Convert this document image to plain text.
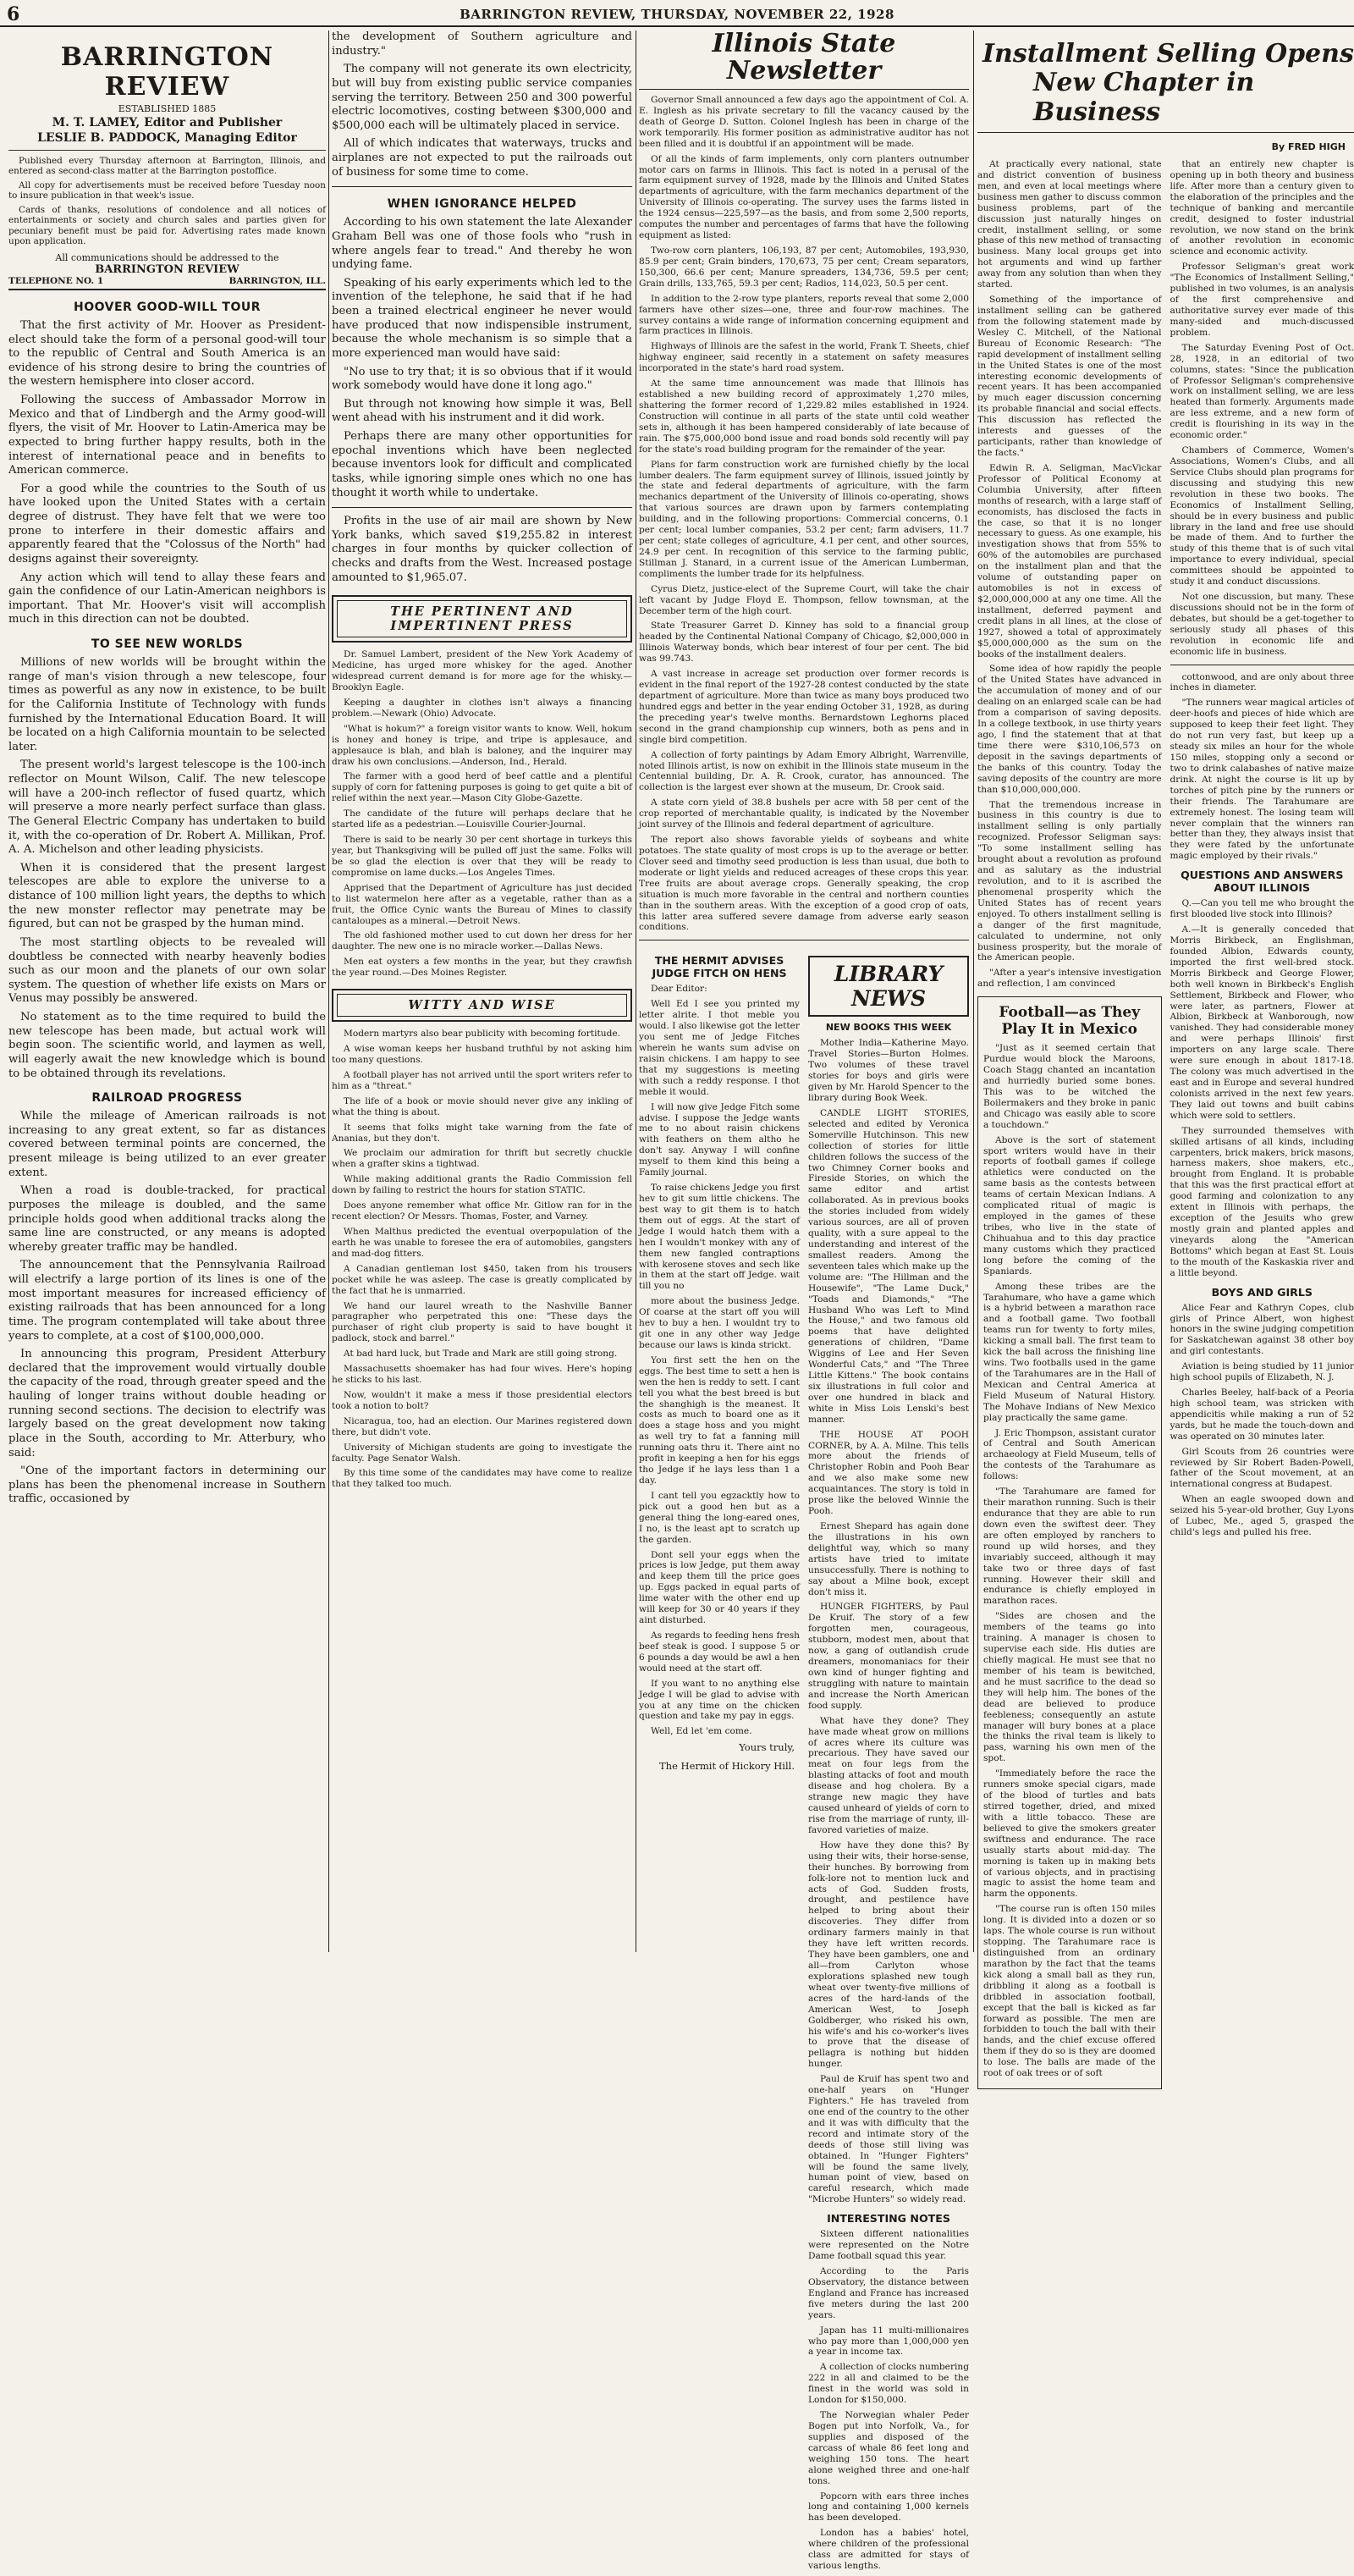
6	BARRINGTON REVIEW, THURSDAY, NOVEMBER 22, 1928
BARRINGTON REVIEW
ESTABLISHED 1885
M. T. LAMEY, Editor and Publisher
LESLIE B. PADDOCK, Managing Editor
Published every Thursday afternoon at Barrington, Illinois, and entered as second-class matter at the Barrington postoffice.
All copy for advertisements must be received before Tuesday noon to insure publication in that week's issue.
Cards of thanks, resolutions of condolence and all notices of entertainments or society and church sales and parties given for pecuniary benefit must be paid for. Advertising rates made known upon application.
All communications should be addressed to the
BARRINGTON REVIEW
TELEPHONE NO. 1	BARRINGTON, ILL.
HOOVER GOOD-WILL TOUR

That the first activity of Mr. Hoover as President-elect should take the form of a personal good-will tour to the republic of Central and South America is an evidence of his strong desire to bring the countries of the western hemisphere into closer accord.

Following the success of Ambassador Morrow in Mexico and that of Lindbergh and the Army good-will flyers, the visit of Mr. Hoover to Latin-America may be expected to bring further happy results, both in the interest of international peace and in benefits to American commerce.

For a good while the countries to the South of us have looked upon the United States with a certain degree of distrust. They have felt that we were too prone to interfere in their domestic affairs and apparently feared that the "Colossus of the North" had designs against their sovereignty.

Any action which will tend to allay these fears and gain the confidence of our Latin-American neighbors is important. That Mr. Hoover's visit will accomplish much in this direction can not be doubted.

TO SEE NEW WORLDS

Millions of new worlds will be brought within the range of man's vision through a new telescope, four times as powerful as any now in existence, to be built for the California Institute of Technology with funds furnished by the International Education Board. It will be located on a high California mountain to be selected later.

The present world's largest telescope is the 100-inch reflector on Mount Wilson, Calif. The new telescope will have a 200-inch reflector of fused quartz, which will preserve a more nearly perfect surface than glass. The General Electric Company has undertaken to build it, with the co-operation of Dr. Robert A. Millikan, Prof. A. A. Michelson and other leading physicists.

When it is considered that the present largest telescopes are able to explore the universe to a distance of 100 million light years, the depths to which the new monster reflector may penetrate may be figured, but can not be grasped by the human mind.

The most startling objects to be revealed will doubtless be connected with nearby heavenly bodies such as our moon and the planets of our own solar system. The question of whether life exists on Mars or Venus may possibly be answered.

No statement as to the time required to build the new telescope has been made, but actual work will begin soon. The scientific world, and laymen as well, will eagerly await the new knowledge which is bound to be obtained through its revelations.

RAILROAD PROGRESS

While the mileage of American railroads is not increasing to any great extent, so far as distances covered between terminal points are concerned, the present mileage is being utilized to an ever greater extent.

When a road is double-tracked, for practical purposes the mileage is doubled, and the same principle holds good when additional tracks along the same line are constructed, or any means is adopted whereby greater traffic may be handled.

The announcement that the Pennsylvania Railroad will electrify a large portion of its lines is one of the most important measures for increased efficiency of existing railroads that has been announced for a long time. The program contemplated will take about three years to complete, at a cost of $100,000,000.

In announcing this program, President Atterbury declared that the improvement would virtually double the capacity of the road, through greater speed and the hauling of longer trains without double heading or running second sections. The decision to electrify was largely based on the great development now taking place in the South, according to Mr. Atterbury, who said:

"One of the important factors in determining our plans has been the phenomenal increase in Southern traffic, occasioned by

the development of Southern agriculture and industry."

The company will not generate its own electricity, but will buy from existing public service companies serving the territory. Between 250 and 300 powerful electric locomotives, costing between $300,000 and $500,000 each will be ultimately placed in service.

All of which indicates that waterways, trucks and airplanes are not expected to put the railroads out of business for some time to come.

WHEN IGNORANCE HELPED

According to his own statement the late Alexander Graham Bell was one of those fools who "rush in where angels fear to tread." And thereby he won undying fame.

Speaking of his early experiments which led to the invention of the telephone, he said that if he had been a trained electrical engineer he never would have produced that now indispensible instrument, because the whole mechanism is so simple that a more experienced man would have said:

"No use to try that; it is so obvious that if it would work somebody would have done it long ago."

But through not knowing how simple it was, Bell went ahead with his instrument and it did work.

Perhaps there are many other opportunities for epochal inventions which have been neglected because inventors look for difficult and complicated tasks, while ignoring simple ones which no one has thought it worth while to undertake.

Profits in the use of air mail are shown by New York banks, which saved $19,255.82 in interest charges in four months by quicker collection of checks and drafts from the West. Increased postage amounted to $1,965.07.

THE PERTINENT AND IMPERTINENT PRESS

Dr. Samuel Lambert, president of the New York Academy of Medicine, has urged more whiskey for the aged. Another widespread current demand is for more age for the whisky.—Brooklyn Eagle.

Keeping a daughter in clothes isn't always a financing problem.—Newark (Ohio) Advocate.

"What is hokum?" a foreign visitor wants to know. Well, hokum is honey and honey is tripe, and tripe is applesauce, and applesauce is blah, and blah is baloney, and the inquirer may draw his own conclusions.—Anderson, Ind., Herald.

The farmer with a good herd of beef cattle and a plentiful supply of corn for fattening purposes is going to get quite a bit of relief within the next year.—Mason City Globe-Gazette.

The candidate of the future will perhaps declare that he started life as a pedestrian.—Louisville Courier-Journal.

There is said to be nearly 30 per cent shortage in turkeys this year, but Thanksgiving will be pulled off just the same. Folks will be so glad the election is over that they will be ready to compromise on lame ducks.—Los Angeles Times.

Apprised that the Department of Agriculture has just decided to list watermelon here after as a vegetable, rather than as a fruit, the Office Cynic wants the Bureau of Mines to classify cantaloupes as a mineral.—Detroit News.

The old fashioned mother used to cut down her dress for her daughter. The new one is no miracle worker.—Dallas News.

Men eat oysters a few months in the year, but they crawfish the year round.—Des Moines Register.

WITTY AND WISE

Modern martyrs also bear publicity with becoming fortitude.

A wise woman keeps her husband truthful by not asking him too many questions.

A football player has not arrived until the sport writers refer to him as a "threat."

The life of a book or movie should never give any inkling of what the thing is about.

It seems that folks might take warning from the fate of Ananias, but they don't.

We proclaim our admiration for thrift but secretly chuckle when a grafter skins a tightwad.

While making additional grants the Radio Commission fell down by failing to restrict the hours for station STATIC.

Does anyone remember what office Mr. Gitlow ran for in the recent election? Or Messrs. Thomas, Foster, and Varney.

When Malthus predicted the eventual overpopulation of the earth he was unable to foresee the era of automobiles, gangsters and mad-dog fitters.

A Canadian gentleman lost $450, taken from his trousers pocket while he was asleep. The case is greatly complicated by the fact that he is unmarried.

We hand our laurel wreath to the Nashville Banner paragrapher who perpetrated this one: "These days the purchaser of right club property is said to have bought it padlock, stock and barrel."

At bad hard luck, but Trade and Mark are still going strong.

Massachusetts shoemaker has had four wives. Here's hoping he sticks to his last.

Now, wouldn't it make a mess if those presidential electors took a notion to bolt?

Nicaragua, too, had an election. Our Marines registered down there, but didn't vote.

University of Michigan students are going to investigate the faculty. Page Senator Walsh.

By this time some of the candidates may have come to realize that they talked too much.

Illinois State
Newsletter

Governor Small announced a few days ago the appointment of Col. A. E. Inglesh as his private secretary to fill the vacancy caused by the death of George D. Sutton. Colonel Inglesh has been in charge of the work temporarily. His former position as administrative auditor has not been filled and it is doubtful if an appointment will be made.

Of all the kinds of farm implements, only corn planters outnumber motor cars on farms in Illinois. This fact is noted in a perusal of the farm equipment survey of 1928, made by the Illinois and United States departments of agriculture, with the farm mechanics department of the University of Illinois co-operating. The survey uses the farms listed in the 1924 census—225,597—as the basis, and from some 2,500 reports, computes the number and percentages of farms that have the following equipment as listed:

Two-row corn planters, 106,193, 87 per cent; Automobiles, 193,930, 85.9 per cent; Grain binders, 170,673, 75 per cent; Cream separators, 150,300, 66.6 per cent; Manure spreaders, 134,736, 59.5 per cent; Grain drills, 133,765, 59.3 per cent; Radios, 114,023, 50.5 per cent.

In addition to the 2-row type planters, reports reveal that some 2,000 farmers have other sizes—one, three and four-row machines. The survey contains a wide range of information concerning equipment and farm practices in Illinois.

Highways of Illinois are the safest in the world, Frank T. Sheets, chief highway engineer, said recently in a statement on safety measures incorporated in the state's hard road system.

At the same time announcement was made that Illinois has established a new building record of approximately 1,270 miles, shattering the former record of 1,229.82 miles established in 1924. Construction will continue in all parts of the state until cold weather sets in, although it has been hampered considerably of late because of rain. The $75,000,000 bond issue and road bonds sold recently will pay for the state's road building program for the remainder of the year.

Plans for farm construction work are furnished chiefly by the local lumber dealers. The farm equipment survey of Illinois, issued jointly by the state and federal departments of agriculture, with the farm mechanics department of the University of Illinois co-operating, shows that various sources are drawn upon by farmers contemplating building, and in the following proportions: Commercial concerns, 0.1 per cent; local lumber companies, 53.2 per cent; farm advisers, 11.7 per cent; state colleges of agriculture, 4.1 per cent, and other sources, 24.9 per cent. In recognition of this service to the farming public, Stillman J. Stanard, in a current issue of the American Lumberman, compliments the lumber trade for its helpfulness.

Cyrus Dietz, justice-elect of the Supreme Court, will take the chair left vacant by Judge Floyd E. Thompson, fellow townsman, at the December term of the high court.

State Treasurer Garret D. Kinney has sold to a financial group headed by the Continental National Company of Chicago, $2,000,000 in Illinois Waterway bonds, which bear interest of four per cent. The bid was 99.743.

A vast increase in acreage set production over former records is evident in the final report of the 1927-28 contest conducted by the state department of agriculture. More than twice as many boys produced two hundred eggs and better in the year ending October 31, 1928, as during the preceding year's twelve months. Bernardstown Leghorns placed second in the grand championship cup winners, both as pens and in single bird competition.

A collection of forty paintings by Adam Emory Albright, Warrenville, noted Illinois artist, is now on exhibit in the Illinois state museum in the Centennial building, Dr. A. R. Crook, curator, has announced. The collection is the largest ever shown at the museum, Dr. Crook said.

A state corn yield of 38.8 bushels per acre with 58 per cent of the crop reported of merchantable quality, is indicated by the November joint survey of the Illinois and federal department of agriculture.

The report also shows favorable yields of soybeans and white potatoes. The state quality of most crops is up to the average or better. Clover seed and timothy seed production is less than usual, due both to moderate or light yields and reduced acreages of these crops this year. Tree fruits are about average crops. Generally speaking, the crop situation is much more favorable in the central and northern counties than in the southern areas. With the exception of a good crop of oats, this latter area suffered severe damage from adverse early season conditions.

THE HERMIT ADVISES JUDGE FITCH ON HENS

Dear Editor:

Well Ed I see you printed my letter alrite. I thot meble you would. I also likewise got the letter you sent me of Jedge Fitches wherein he wants sum advise on raisin chickens. I am happy to see that my suggestions is meeting with such a reddy response. I thot meble it would.

I will now give Jedge Fitch some advise. I suppose the Jedge wants me to no about raisin chickens with feathers on them altho he don't say. Anyway I will confine myself to them kind this being a Family journal.

To raise chickens Jedge you first hev to git sum little chickens. The best way to git them is to hatch them out of eggs. At the start of Jedge I would hatch them with a hen I wouldn't monkey with any of them new fangled contraptions with kerosene stoves and sech like in them at the start off Jedge. wait till you no

more about the business Jedge. Of coarse at the start off you will hev to buy a hen. I wouldnt try to git one in any other way Jedge because our laws is kinda strickt.

You first sett the hen on the eggs. The best time to sett a hen is wen the hen is reddy to sett. I cant tell you what the best breed is but the shanghigh is the meanest. It costs as much to board one as it does a stage hoss and you might as well try to fat a fanning mill running oats thru it. There aint no profit in keeping a hen for his eggs tho Jedge if he lays less than 1 a day.

I cant tell you egzacktly how to pick out a good hen but as a general thing the long-eared ones, I no, is the least apt to scratch up the garden.

Dont sell your eggs when the prices is low Jedge, put them away and keep them till the price goes up. Eggs packed in equal parts of lime water with the other end up will keep for 30 or 40 years if they aint disturbed.

As regards to feeding hens fresh beef steak is good. I suppose 5 or 6 pounds a day would be awl a hen would need at the start off.

If you want to no anything else Jedge I will be glad to advise with you at any time on the chicken question and take my pay in eggs.

Well, Ed let 'em come.

Yours truly,
The Hermit of Hickory Hill.
LIBRARY NEWS
NEW BOOKS THIS WEEK

Mother India—Katherine Mayo. Travel Stories—Burton Holmes. Two volumes of these travel stories for boys and girls were given by Mr. Harold Spencer to the library during Book Week.

CANDLE LIGHT STORIES, selected and edited by Veronica Somerville Hutchinson. This new collection of stories for little children follows the success of the two Chimney Corner books and Fireside Stories, on which the same editor and artist collaborated. As in previous books the stories included from widely various sources, are all of proven quality, with a sure appeal to the understanding and interest of the smallest readers. Among the seventeen tales which make up the volume are: "The Hillman and the Housewife", "The Lame Duck," "Toads and Diamonds," "The Husband Who was Left to Mind the House," and two famous old poems that have delighted generations of children, "Dame Wiggins of Lee and Her Seven Wonderful Cats," and "The Three Little Kittens." The book contains six illustrations in full color and over one hundred in black and white in Miss Lois Lenski's best manner.

THE HOUSE AT POOH CORNER, by A. A. Milne. This tells more about the friends of Christopher Robin and Pooh Bear and we also make some new acquaintances. The story is told in prose like the beloved Winnie the Pooh.

Ernest Shepard has again done the illustrations in his own delightful way, which so many artists have tried to imitate unsuccessfully. There is nothing to say about a Milne book, except don't miss it.

HUNGER FIGHTERS, by Paul De Kruif. The story of a few forgotten men, courageous, stubborn, modest men, about that now, a gang of outlandish crude dreamers, monomaniacs for their own kind of hunger fighting and struggling with nature to maintain and increase the North American food supply.

What have they done? They have made wheat grow on millions of acres where its culture was precarious. They have saved our meat on four legs from the blasting attacks of foot and mouth disease and hog cholera. By a strange new magic they have caused unheard of yields of corn to rise from the marriage of runty, ill-favored varieties of maize.

How have they done this? By using their wits, their horse-sense, their hunches. By borrowing from folk-lore not to mention luck and acts of God. Sudden frosts, drought, and pestilence have helped to bring about their discoveries. They differ from ordinary farmers mainly in that they have left written records. They have been gamblers, one and all—from Carlyton whose explorations splashed new tough wheat over twenty-five millions of acres of the hard-lands of the American West, to Joseph Goldberger, who risked his own, his wife's and his co-worker's lives to prove that the disease of pellagra is nothing but hidden hunger.

Paul de Kruif has spent two and one-half years on "Hunger Fighters." He has traveled from one end of the country to the other and it was with difficulty that the record and intimate story of the deeds of those still living was obtained. In "Hunger Fighters" will be found the same lively, human point of view, based on careful research, which made "Microbe Hunters" so widely read.

INTERESTING NOTES

Sixteen different nationalities were represented on the Notre Dame football squad this year.

According to the Paris Observatory, the distance between England and France has increased five meters during the last 200 years.

Japan has 11 multi-millionaires who pay more than 1,000,000 yen a year in income tax.

A collection of clocks numbering 222 in all and claimed to be the finest in the world was sold in London for $150,000.

The Norwegian whaler Peder Bogen put into Norfolk, Va., for supplies and disposed of the carcass of whale 86 feet long and weighing 150 tons. The heart alone weighed three and one-half tons.

Popcorn with ears three inches long and containing 1,000 kernels has been developed.

London has a babies' hotel, where children of the professional class are admitted for stays of various lengths.

Installment Selling Opens
New Chapter in Business
By FRED HIGH

At practically every national, state and district convention of business men, and even at local meetings where business men gather to discuss common business problems, part of the discussion just naturally hinges on credit, installment selling, or some phase of this new method of transacting business. Many local groups get into hot arguments and wind up farther away from any solution than when they started.

Something of the importance of installment selling can be gathered from the following statement made by Wesley C. Mitchell, of the National Bureau of Economic Research: "The rapid development of installment selling in the United States is one of the most interesting economic developments of recent years. It has been accompanied by much eager discussion concerning its probable financial and social effects. This discussion has reflected the interests and guesses of the participants, rather than knowledge of the facts."

Edwin R. A. Seligman, MacVickar Professor of Political Economy at Columbia University, after fifteen months of research, with a large staff of economists, has disclosed the facts in the case, so that it is no longer necessary to guess. As one example, his investigation shows that from 55% to 60% of the automobiles are purchased on the installment plan and that the volume of outstanding paper on automobiles is not in excess of $2,000,000,000 at any one time. All the installment, deferred payment and credit plans in all lines, at the close of 1927, showed a total of approximately $5,000,000,000 as the sum on the books of the installment dealers.

Some idea of how rapidly the people of the United States have advanced in the accumulation of money and of our dealing on an enlarged scale can be had from a comparison of saving deposits. In a college textbook, in use thirty years ago, I find the statement that at that time there were $310,106,573 on deposit in the savings departments of the banks of this country. Today the saving deposits of the country are more than $10,000,000,000.

That the tremendous increase in business in this country is due to installment selling is only partially recognized. Professor Seligman says: "To some installment selling has brought about a revolution as profound and as salutary as the industrial revolution, and to it is ascribed the phenomenal prosperity which the United States has of recent years enjoyed. To others installment selling is a danger of the first magnitude, calculated to undermine, not only business prosperity, but the morale of the American people.

"After a year's intensive investigation and reflection, I am convinced

Football—as They Play It in Mexico

"Just as it seemed certain that Purdue would block the Maroons, Coach Stagg chanted an incantation and hurriedly buried some bones. This was to be witched the Boilermakers and they broke in panic and Chicago was easily able to score a touchdown."

Above is the sort of statement sport writers would have in their reports of football games if college athletics were conducted on the same basis as the contests between teams of certain Mexican Indians. A complicated ritual of magic is employed in the games of these tribes, who live in the state of Chihuahua and to this day practice many customs which they practiced long before the coming of the Spaniards.

Among these tribes are the Tarahumare, who have a game which is a hybrid between a marathon race and a football game. Two football teams run for twenty to forty miles, kicking a small ball. The first team to kick the ball across the finishing line wins. Two footballs used in the game of the Tarahumares are in the Hall of Mexican and Central America at Field Museum of Natural History. The Mohave Indians of New Mexico play practically the same game.

J. Eric Thompson, assistant curator of Central and South American archaeology at Field Museum, tells of the contests of the Tarahumare as follows:

"The Tarahumare are famed for their marathon running. Such is their endurance that they are able to run down even the swiftest deer. They are often employed by ranchers to round up wild horses, and they invariably succeed, although it may take two or three days of fast running. However their skill and endurance is chiefly employed in marathon races.

"Sides are chosen and the members of the teams go into training. A manager is chosen to supervise each side. His duties are chiefly magical. He must see that no member of his team is bewitched, and he must sacrifice to the dead so they will help him. The bones of the dead are believed to produce feebleness; consequently an astute manager will bury bones at a place the thinks the rival team is likely to pass, warning his own men of the spot.

"Immediately before the race the runners smoke special cigars, made of the blood of turtles and bats stirred together, dried, and mixed with a little tobacco. These are believed to give the smokers greater swiftness and endurance. The race usually starts about mid-day. The morning is taken up in making bets of various objects, and in practising magic to assist the home team and harm the opponents.

"The course run is often 150 miles long. It is divided into a dozen or so laps. The whole course is run without stopping. The Tarahumare race is distinguished from an ordinary marathon by the fact that the teams kick along a small ball as they run, dribbling it along as a football is dribbled in association football, except that the ball is kicked as far forward as possible. The men are forbidden to touch the ball with their hands, and the chief excuse offered them if they do so is they are doomed to lose. The balls are made of the root of oak trees or of soft

that an entirely new chapter is opening up in both theory and business life. After more than a century given to the elaboration of the principles and the technique of banking and mercantile credit, designed to foster industrial revolution, we now stand on the brink of another revolution in economic science and economic activity.

Professor Seligman's great work "The Economics of Installment Selling," published in two volumes, is an analysis of the first comprehensive and authoritative survey ever made of this many-sided and much-discussed problem.

The Saturday Evening Post of Oct. 28, 1928, in an editorial of two columns, states: "Since the publication of Professor Seligman's comprehensive work on installment selling, we are less heated than formerly. Arguments made are less extreme, and a new form of credit is flourishing in its way in the economic order."

Chambers of Commerce, Women's Associations, Women's Clubs, and all Service Clubs should plan programs for discussing and studying this new revolution in these two books. The Economics of Installment Selling, should be in every business and public library in the land and free use should be made of them. And to further the study of this theme that is of such vital importance to every individual, special committees should be appointed to study it and conduct discussions.

Not one discussion, but many. These discussions should not be in the form of debates, but should be a get-together to seriously study all phases of this revolution in economic life and economic life in business.

cottonwood, and are only about three inches in diameter.

"The runners wear magical articles of deer-hoofs and pieces of hide which are supposed to keep their feet light. They do not run very fast, but keep up a steady six miles an hour for the whole 150 miles, stopping only a second or two to drink calabashes of native maize drink. At night the course is lit up by torches of pitch pine by the runners or their friends. The Tarahumare are extremely honest. The losing team will never complain that the winners ran better than they, they always insist that they were fated by the unfortunate magic employed by their rivals."

QUESTIONS AND ANSWERS ABOUT ILLINOIS

Q.—Can you tell me who brought the first blooded live stock into Illinois?

A.—It is generally conceded that Morris Birkbeck, an Englishman, founded Albion, Edwards county, imported the first well-bred stock. Morris Birkbeck and George Flower, both well known in Birkbeck's English Settlement, Birkbeck and Flower, who were later, as partners, Flower at Albion, Birkbeck at Wanborough, now vanished. They had considerable money and were perhaps Illinois' first importers on any large scale. There were sure enough in about 1817-18. The colony was much advertised in the east and in Europe and several hundred colonists arrived in the next few years. They laid out towns and built cabins which were sold to settlers.

They surrounded themselves with skilled artisans of all kinds, including carpenters, brick makers, brick masons, harness makers, shoe makers, etc., brought from England. It is probable that this was the first practical effort at good farming and colonization to any extent in Illinois with perhaps, the exception of the Jesuits who grew mostly grain and planted apples and vineyards along the "American Bottoms" which began at East St. Louis to the mouth of the Kaskaskia river and a little beyond.

BOYS AND GIRLS

Alice Fear and Kathryn Copes, club girls of Prince Albert, won highest honors in the swine judging competition for Saskatchewan against 38 other boy and girl contestants.

Aviation is being studied by 11 junior high school pupils of Elizabeth, N. J.

Charles Beeley, half-back of a Peoria high school team, was stricken with appendicitis while making a run of 52 yards, but he made the touch-down and was operated on 30 minutes later.

Girl Scouts from 26 countries were reviewed by Sir Robert Baden-Powell, father of the Scout movement, at an international congress at Budapest.

When an eagle swooped down and seized his 5-year-old brother, Guy Lyons of Lubec, Me., aged 5, grasped the child's legs and pulled his free.
